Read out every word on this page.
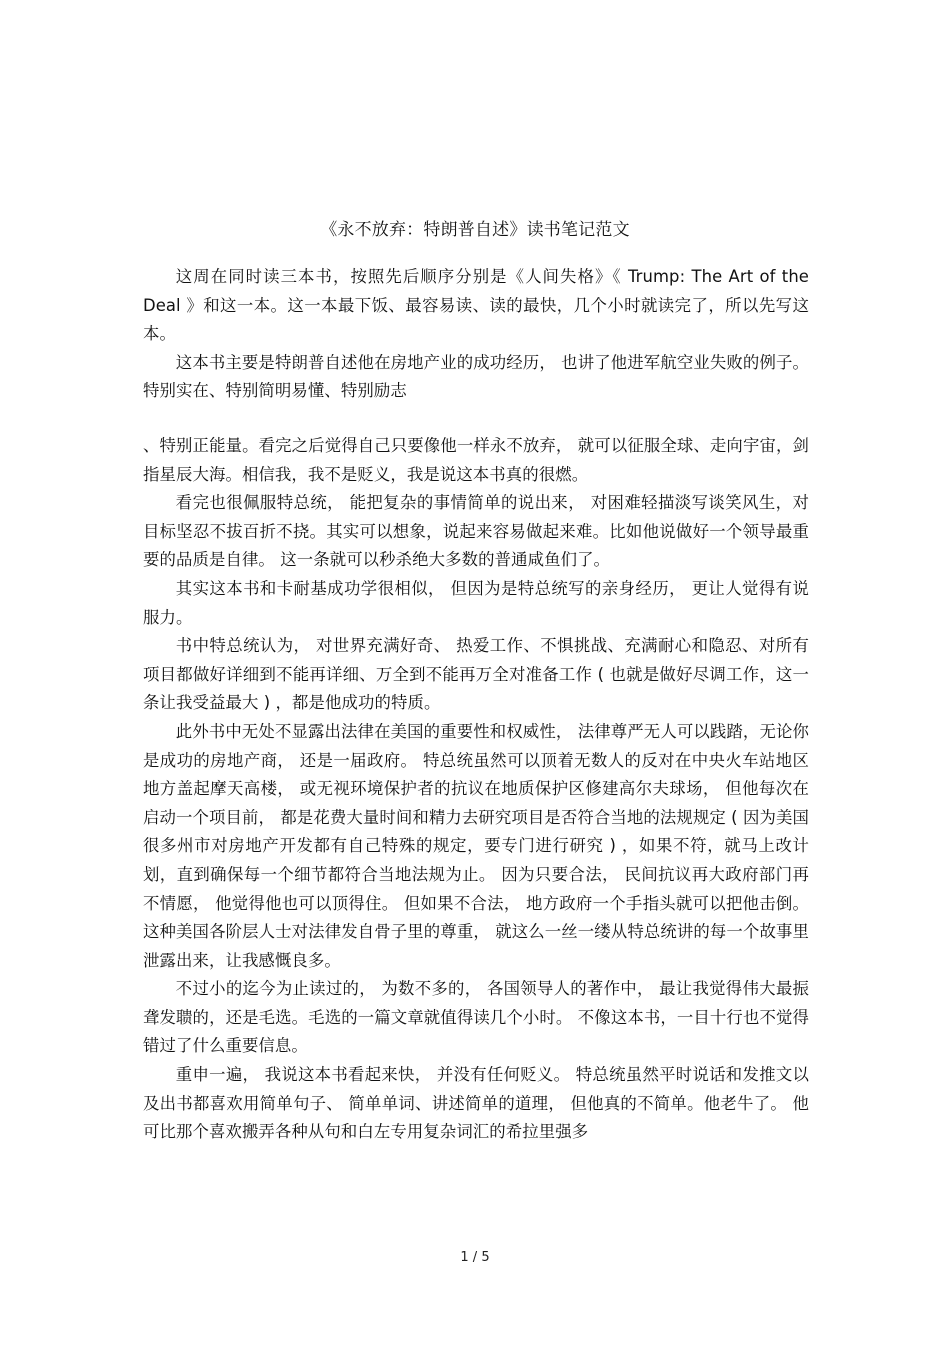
《永不放弃：特朗普自述》读书笔记范文

这周在同时读三本书，按照先后顺序分别是《人间失格》《 Trump: The Art of the Deal 》和这一本。这一本最下饭、最容易读、读的最快，几个小时就读完了，所以先写这本。

这本书主要是特朗普自述他在房地产业的成功经历， 也讲了他进军航空业失败的例子。特别实在、特别简明易懂、特别励志

、特别正能量。看完之后觉得自己只要像他一样永不放弃， 就可以征服全球、走向宇宙，剑指星辰大海。相信我，我不是贬义，我是说这本书真的很燃。

看完也很佩服特总统， 能把复杂的事情简单的说出来， 对困难轻描淡写谈笑风生，对目标坚忍不拔百折不挠。其实可以想象，说起来容易做起来难。比如他说做好一个领导最重要的品质是自律。 这一条就可以秒杀绝大多数的普通咸鱼们了。

其实这本书和卡耐基成功学很相似， 但因为是特总统写的亲身经历， 更让人觉得有说服力。

书中特总统认为， 对世界充满好奇、 热爱工作、不惧挑战、充满耐心和隐忍、对所有项目都做好详细到不能再详细、万全到不能再万全对准备工作 ( 也就是做好尽调工作，这一条让我受益最大 ) ，都是他成功的特质。

此外书中无处不显露出法律在美国的重要性和权威性， 法律尊严无人可以践踏，无论你是成功的房地产商， 还是一届政府。 特总统虽然可以顶着无数人的反对在中央火车站地区地方盖起摩天高楼， 或无视环境保护者的抗议在地质保护区修建高尔夫球场， 但他每次在启动一个项目前， 都是花费大量时间和精力去研究项目是否符合当地的法规规定 ( 因为美国很多州市对房地产开发都有自己特殊的规定，要专门进行研究 ) ，如果不符，就马上改计划，直到确保每一个细节都符合当地法规为止。 因为只要合法， 民间抗议再大政府部门再不情愿， 他觉得他也可以顶得住。 但如果不合法， 地方政府一个手指头就可以把他击倒。 这种美国各阶层人士对法律发自骨子里的尊重， 就这么一丝一缕从特总统讲的每一个故事里泄露出来，让我感慨良多。

不过小的迄今为止读过的， 为数不多的， 各国领导人的著作中， 最让我觉得伟大最振聋发聩的，还是毛选。毛选的一篇文章就值得读几个小时。 不像这本书，一目十行也不觉得错过了什么重要信息。

重申一遍， 我说这本书看起来快， 并没有任何贬义。 特总统虽然平时说话和发推文以及出书都喜欢用简单句子、 简单单词、讲述简单的道理， 但他真的不简单。他老牛了。 他可比那个喜欢搬弄各种从句和白左专用复杂词汇的希拉里强多

1 / 5
